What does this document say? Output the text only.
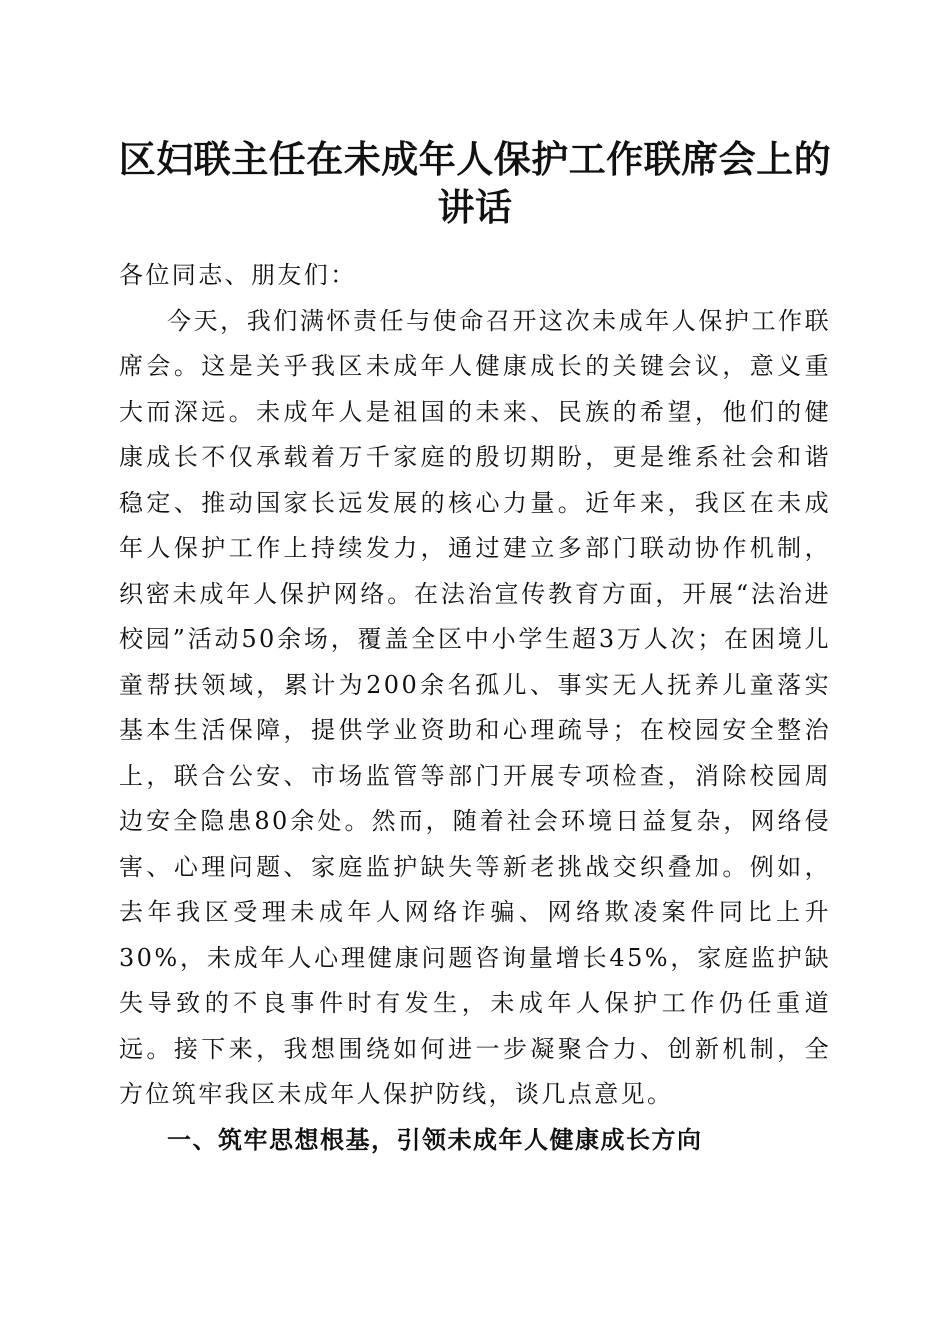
区妇联主任在未成年人保护工作联席会上的讲话

各位同志、朋友们：

今天，我们满怀责任与使命召开这次未成年人保护工作联席会。这是关乎我区未成年人健康成长的关键会议，意义重大而深远。未成年人是祖国的未来、民族的希望，他们的健康成长不仅承载着万千家庭的殷切期盼，更是维系社会和谐稳定、推动国家长远发展的核心力量。近年来，我区在未成年人保护工作上持续发力，通过建立多部门联动协作机制，织密未成年人保护网络。在法治宣传教育方面，开展“法治进校园”活动50余场，覆盖全区中小学生超3万人次；在困境儿童帮扶领域，累计为200余名孤儿、事实无人抚养儿童落实基本生活保障，提供学业资助和心理疏导；在校园安全整治上，联合公安、市场监管等部门开展专项检查，消除校园周边安全隐患80余处。然而，随着社会环境日益复杂，网络侵害、心理问题、家庭监护缺失等新老挑战交织叠加。例如，去年我区受理未成年人网络诈骗、网络欺凌案件同比上升30%，未成年人心理健康问题咨询量增长45%，家庭监护缺失导致的不良事件时有发生，未成年人保护工作仍任重道远。接下来，我想围绕如何进一步凝聚合力、创新机制，全方位筑牢我区未成年人保护防线，谈几点意见。

一、筑牢思想根基，引领未成年人健康成长方向
